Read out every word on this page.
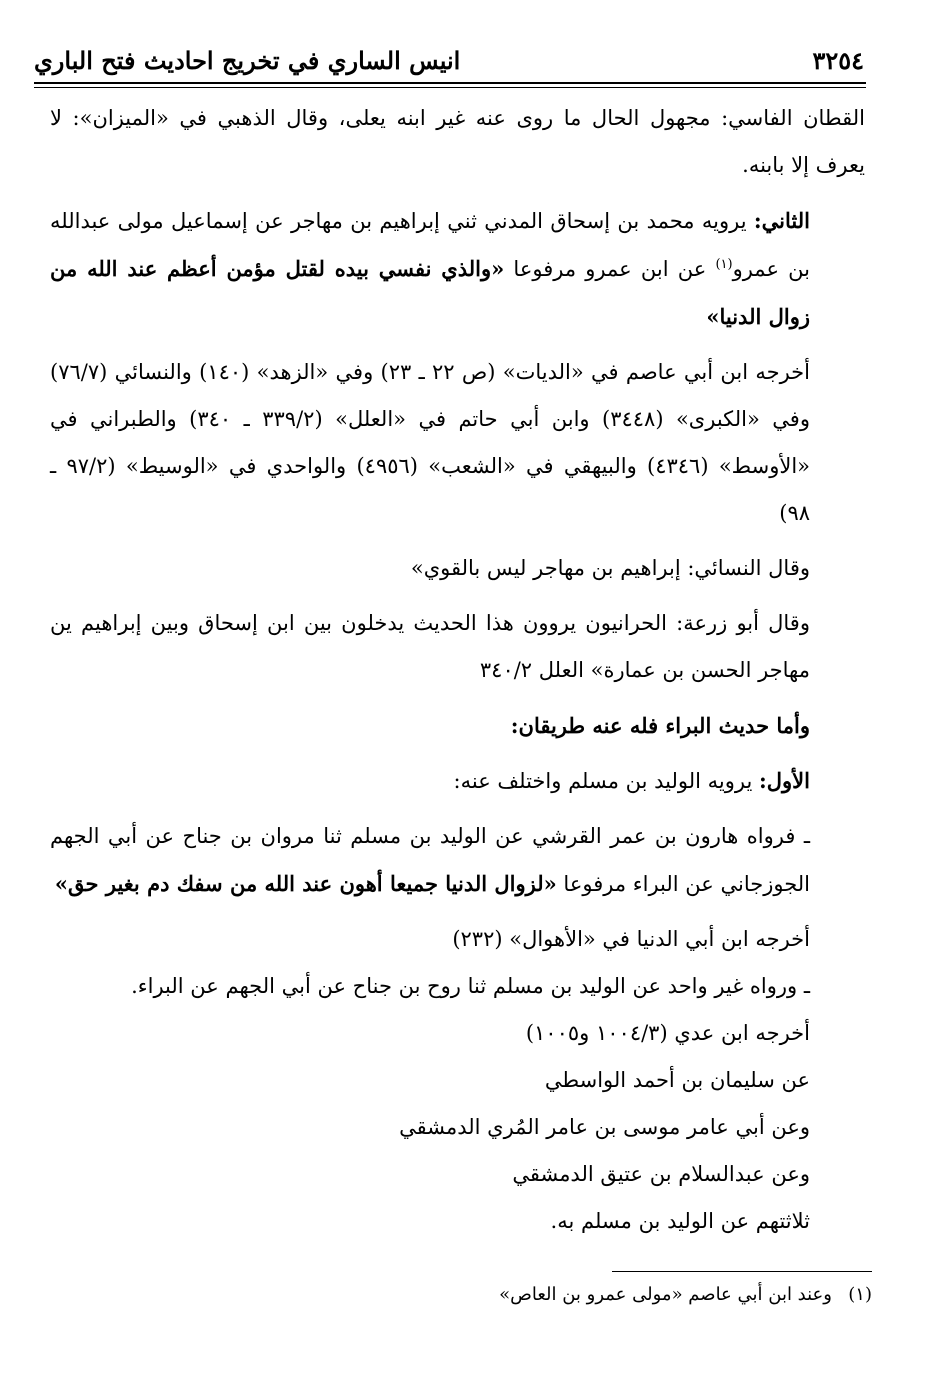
٣٢٥٤
انيس الساري في تخريج احاديث فتح الباري

القطان الفاسي: مجهول الحال ما روى عنه غير ابنه يعلى، وقال الذهبي في «الميزان»: لا يعرف إلا بابنه.

الثاني: يرويه محمد بن إسحاق المدني ثني إبراهيم بن مهاجر عن إسماعيل مولى عبدالله بن عمرو$^{(١)}$ عن ابن عمرو مرفوعا «والذي نفسي بيده لقتل مؤمن أعظم عند الله من زوال الدنيا»

أخرجه ابن أبي عاصم في «الديات» (ص ٢٢ ـ ٢٣) وفي «الزهد» (١٤٠) والنسائي (٧٦/٧) وفي «الكبرى» (٣٤٤٨) وابن أبي حاتم في «العلل» (٣٣٩/٢ ـ ٣٤٠) والطبراني في «الأوسط» (٤٣٤٦) والبيهقي في «الشعب» (٤٩٥٦) والواحدي في «الوسيط» (٩٧/٢ ـ ٩٨)

وقال النسائي: إبراهيم بن مهاجر ليس بالقوي»

وقال أبو زرعة: الحرانيون يروون هذا الحديث يدخلون بين ابن إسحاق وبين إبراهيم ين مهاجر الحسن بن عمارة» العلل ٣٤٠/٢

وأما حديث البراء فله عنه طريقان:

الأول: يرويه الوليد بن مسلم واختلف عنه:

ـ فرواه هارون بن عمر القرشي عن الوليد بن مسلم ثنا مروان بن جناح عن أبي الجهم الجوزجاني عن البراء مرفوعا «لزوال الدنيا جميعا أهون عند الله من سفك دم بغير حق»

أخرجه ابن أبي الدنيا في «الأهوال» (٢٣٢)

ـ ورواه غير واحد عن الوليد بن مسلم ثنا روح بن جناح عن أبي الجهم عن البراء.

أخرجه ابن عدي (١٠٠٤/٣ و١٠٠٥)

عن سليمان بن أحمد الواسطي

وعن أبي عامر موسى بن عامر المُري الدمشقي

وعن عبدالسلام بن عتيق الدمشقي

ثلاثتهم عن الوليد بن مسلم به.

(١)وعند ابن أبي عاصم «مولى عمرو بن العاص»
